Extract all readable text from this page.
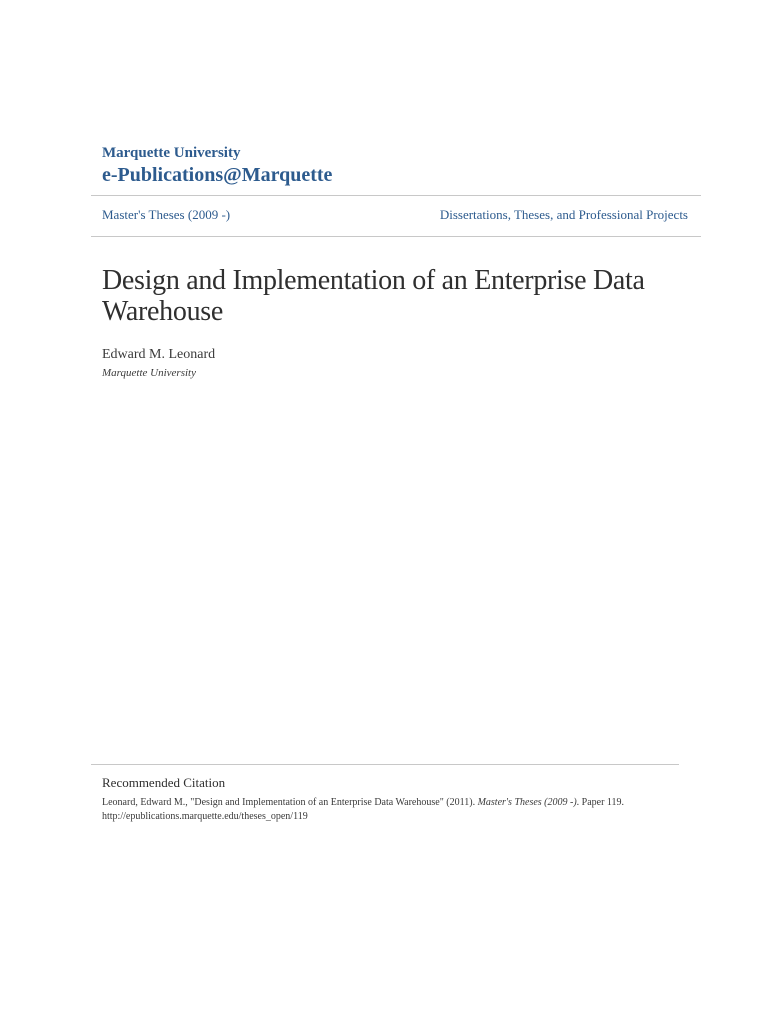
Marquette University
e-Publications@Marquette
Master's Theses (2009 -)	Dissertations, Theses, and Professional Projects
Design and Implementation of an Enterprise Data Warehouse
Edward M. Leonard
Marquette University
Recommended Citation
Leonard, Edward M., "Design and Implementation of an Enterprise Data Warehouse" (2011). Master's Theses (2009 -). Paper 119.
http://epublications.marquette.edu/theses_open/119
